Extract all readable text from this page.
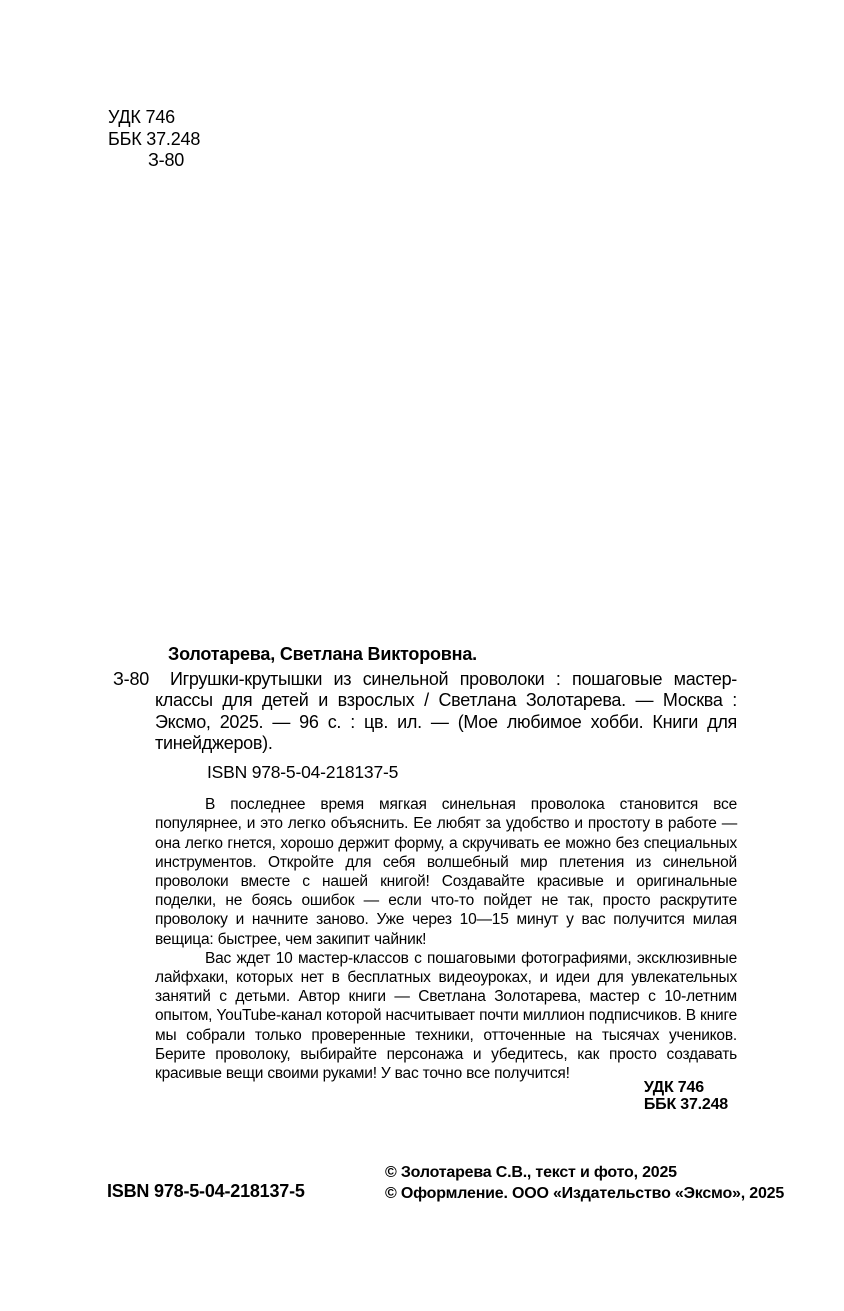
УДК 746
ББК 37.248
З-80
З-80
Золотарева, Светлана Викторовна.

Игрушки-крутышки из синельной проволоки : пошаговые мастер-классы для детей и взрослых / Светлана Золотарева. — Москва : Эксмо, 2025. — 96 с. : цв. ил. — (Мое любимое хобби. Книги для тинейджеров).

ISBN 978-5-04-218137-5

В последнее время мягкая синельная проволока становится все популярнее, и это легко объяснить. Ее любят за удобство и простоту в работе — она легко гнется, хорошо держит форму, а скручивать ее можно без специальных инструментов. Откройте для себя волшебный мир плетения из синельной проволоки вместе с нашей книгой! Создавайте красивые и оригинальные поделки, не боясь ошибок — если что-то пойдет не так, просто раскрутите проволоку и начните заново. Уже через 10—15 минут у вас получится милая вещица: быстрее, чем закипит чайник!

Вас ждет 10 мастер-классов с пошаговыми фотографиями, эксклюзивные лайфхаки, которых нет в бесплатных видеоуроках, и идеи для увлекательных занятий с детьми. Автор книги — Светлана Золотарева, мастер с 10-летним опытом, YouTube-канал которой насчитывает почти миллион подписчиков. В книге мы собрали только проверенные техники, отточенные на тысячах учеников. Берите проволоку, выбирайте персонажа и убедитесь, как просто создавать красивые вещи своими руками! У вас точно все получится!

УДК 746
ББК 37.248
ISBN 978-5-04-218137-5
© Золотарева С.В., текст и фото, 2025
© Оформление. ООО «Издательство «Эксмо», 2025
